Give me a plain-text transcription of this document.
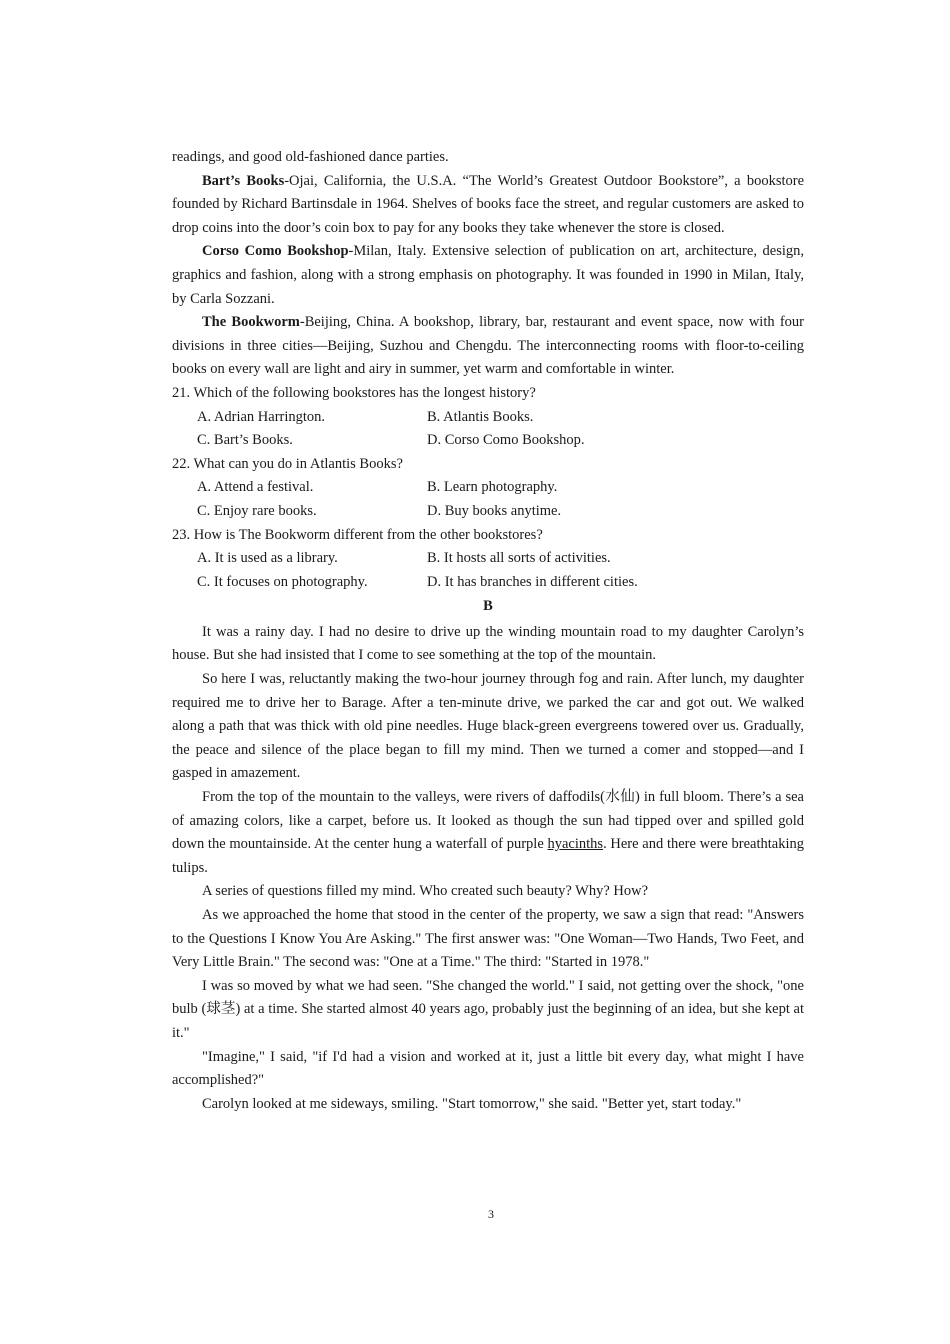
readings, and good old-fashioned dance parties.

Bart’s Books-Ojai, California, the U.S.A. “The World’s Greatest Outdoor Bookstore”, a bookstore founded by Richard Bartinsdale in 1964. Shelves of books face the street, and regular customers are asked to drop coins into the door’s coin box to pay for any books they take whenever the store is closed.

Corso Como Bookshop-Milan, Italy. Extensive selection of publication on art, architecture, design, graphics and fashion, along with a strong emphasis on photography. It was founded in 1990 in Milan, Italy, by Carla Sozzani.

The Bookworm-Beijing, China. A bookshop, library, bar, restaurant and event space, now with four divisions in three cities—Beijing, Suzhou and Chengdu. The interconnecting rooms with floor-to-ceiling books on every wall are light and airy in summer, yet warm and comfortable in winter.

21. Which of the following bookstores has the longest history?

A. Adrian Harrington.	B. Atlantis Books.
C. Bart’s Books.	D. Corso Como Bookshop.

22. What can you do in Atlantis Books?

A. Attend a festival.	B. Learn photography.
C. Enjoy rare books.	D. Buy books anytime.

23. How is The Bookworm different from the other bookstores?

A. It is used as a library.	B. It hosts all sorts of activities.
C. It focuses on photography.	D. It has branches in different cities.
B

It was a rainy day. I had no desire to drive up the winding mountain road to my daughter Carolyn’s house. But she had insisted that I come to see something at the top of the mountain.

So here I was, reluctantly making the two-hour journey through fog and rain. After lunch, my daughter required me to drive her to Barage. After a ten-minute drive, we parked the car and got out. We walked along a path that was thick with old pine needles. Huge black-green evergreens towered over us. Gradually, the peace and silence of the place began to fill my mind. Then we turned a comer and stopped—and I gasped in amazement.

From the top of the mountain to the valleys, were rivers of daffodils(水仙) in full bloom. There’s a sea of amazing colors, like a carpet, before us. It looked as though the sun had tipped over and spilled gold down the mountainside. At the center hung a waterfall of purple hyacinths. Here and there were breathtaking tulips.

A series of questions filled my mind. Who created such beauty? Why? How?

As we approached the home that stood in the center of the property, we saw a sign that read: "Answers to the Questions I Know You Are Asking." The first answer was: "One Woman—Two Hands, Two Feet, and Very Little Brain." The second was: "One at a Time." The third: "Started in 1978."

I was so moved by what we had seen. "She changed the world." I said, not getting over the shock, "one bulb (球茎) at a time. She started almost 40 years ago, probably just the beginning of an idea, but she kept at it."

"Imagine," I said, "if I'd had a vision and worked at it, just a little bit every day, what might I have accomplished?"

Carolyn looked at me sideways, smiling. "Start tomorrow," she said. "Better yet, start today."

3
